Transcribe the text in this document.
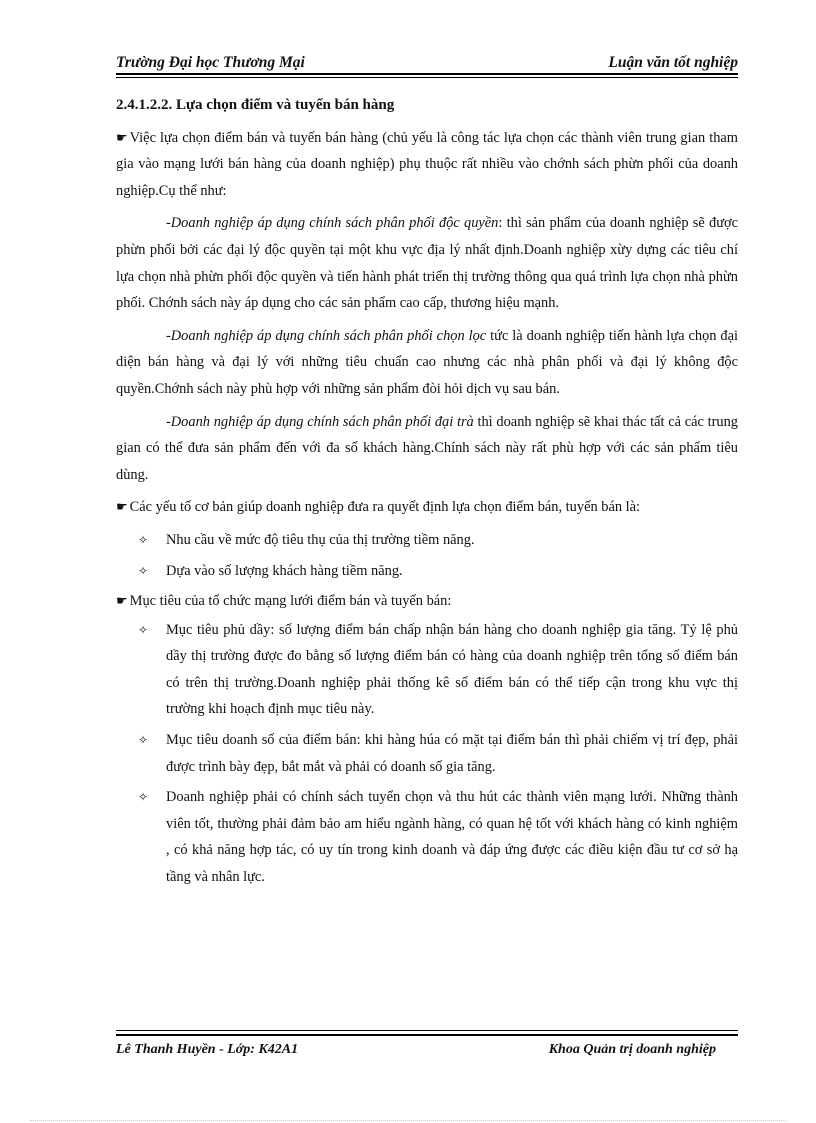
Trường Đại học Thương Mại	Luận văn tốt nghiệp
2.4.1.2.2. Lựa chọn điểm và tuyến bán hàng

☛ Việc lựa chọn điểm bán và tuyến bán hàng (chủ yếu là công tác lựa chọn các thành viên trung gian tham gia vào mạng lưới bán hàng của doanh nghiệp) phụ thuộc rất nhiều vào chớnh sách phừn phối của doanh nghiệp.Cụ thể như:

-Doanh nghiệp áp dụng chính sách phân phối độc quyền: thì sản phẩm của doanh nghiệp sẽ được phừn phối bởi các đại lý độc quyền tại một khu vực địa lý nhất định.Doanh nghiệp xừy dựng các tiêu chí lựa chọn nhà phừn phối độc quyền và tiến hành phát triển thị trường thông qua quá trình lựa chọn nhà phừn phối. Chớnh sách này áp dụng cho các sản phẩm cao cấp, thương hiệu mạnh.

-Doanh nghiệp áp dụng chính sách phân phối chọn lọc tức là doanh nghiệp tiến hành lựa chọn đại diện bán hàng và đại lý với những tiêu chuẩn cao nhưng các nhà phân phối và đại lý không độc quyền.Chớnh sách này phù hợp với những sản phẩm đòi hỏi dịch vụ sau bán.

-Doanh nghiệp áp dụng chính sách phân phối đại trà thì doanh nghiệp sẽ khai thác tất cả các trung gian có thể đưa sản phẩm đến với đa số khách hàng.Chính sách này rất phù hợp với các sản phẩm tiêu dùng.

☛ Các yếu tố cơ bản giúp doanh nghiệp đưa ra quyết định lựa chọn điểm bán, tuyến bán là:

✧ Nhu cầu về mức độ tiêu thụ của thị trường tiềm năng.
✧ Dựa vào số lượng khách hàng tiềm năng.

☛ Mục tiêu của tổ chức mạng lưới điểm bán và tuyến bán:

✧ Mục tiêu phủ dầy: số lượng điểm bán chấp nhận bán hàng cho doanh nghiệp gia tăng. Tỷ lệ phủ dầy thị trường được đo bằng số lượng điểm bán có hàng của doanh nghiệp trên tổng số điểm bán có trên thị trường.Doanh nghiệp phải thống kê số điểm bán có thể tiếp cận trong khu vực thị trường khi hoạch định mục tiêu này.
✧ Mục tiêu doanh số của điểm bán: khi hàng húa có mặt tại điểm bán thì phải chiếm vị trí đẹp, phải được trình bày đẹp, bắt mắt và phải có doanh số gia tăng.
✧ Doanh nghiệp phải có chính sách tuyển chọn và thu hút các thành viên mạng lưới. Những thành viên tốt, thường phải đảm bảo am hiểu ngành hàng, có quan hệ tốt với khách hàng có kinh nghiệm , có khả năng hợp tác, có uy tín trong kinh doanh và đáp ứng được các điều kiện đầu tư cơ sở hạ tầng và nhân lực.
Lê Thanh Huyền - Lớp: K42A1	Khoa Quản trị doanh nghiệp
